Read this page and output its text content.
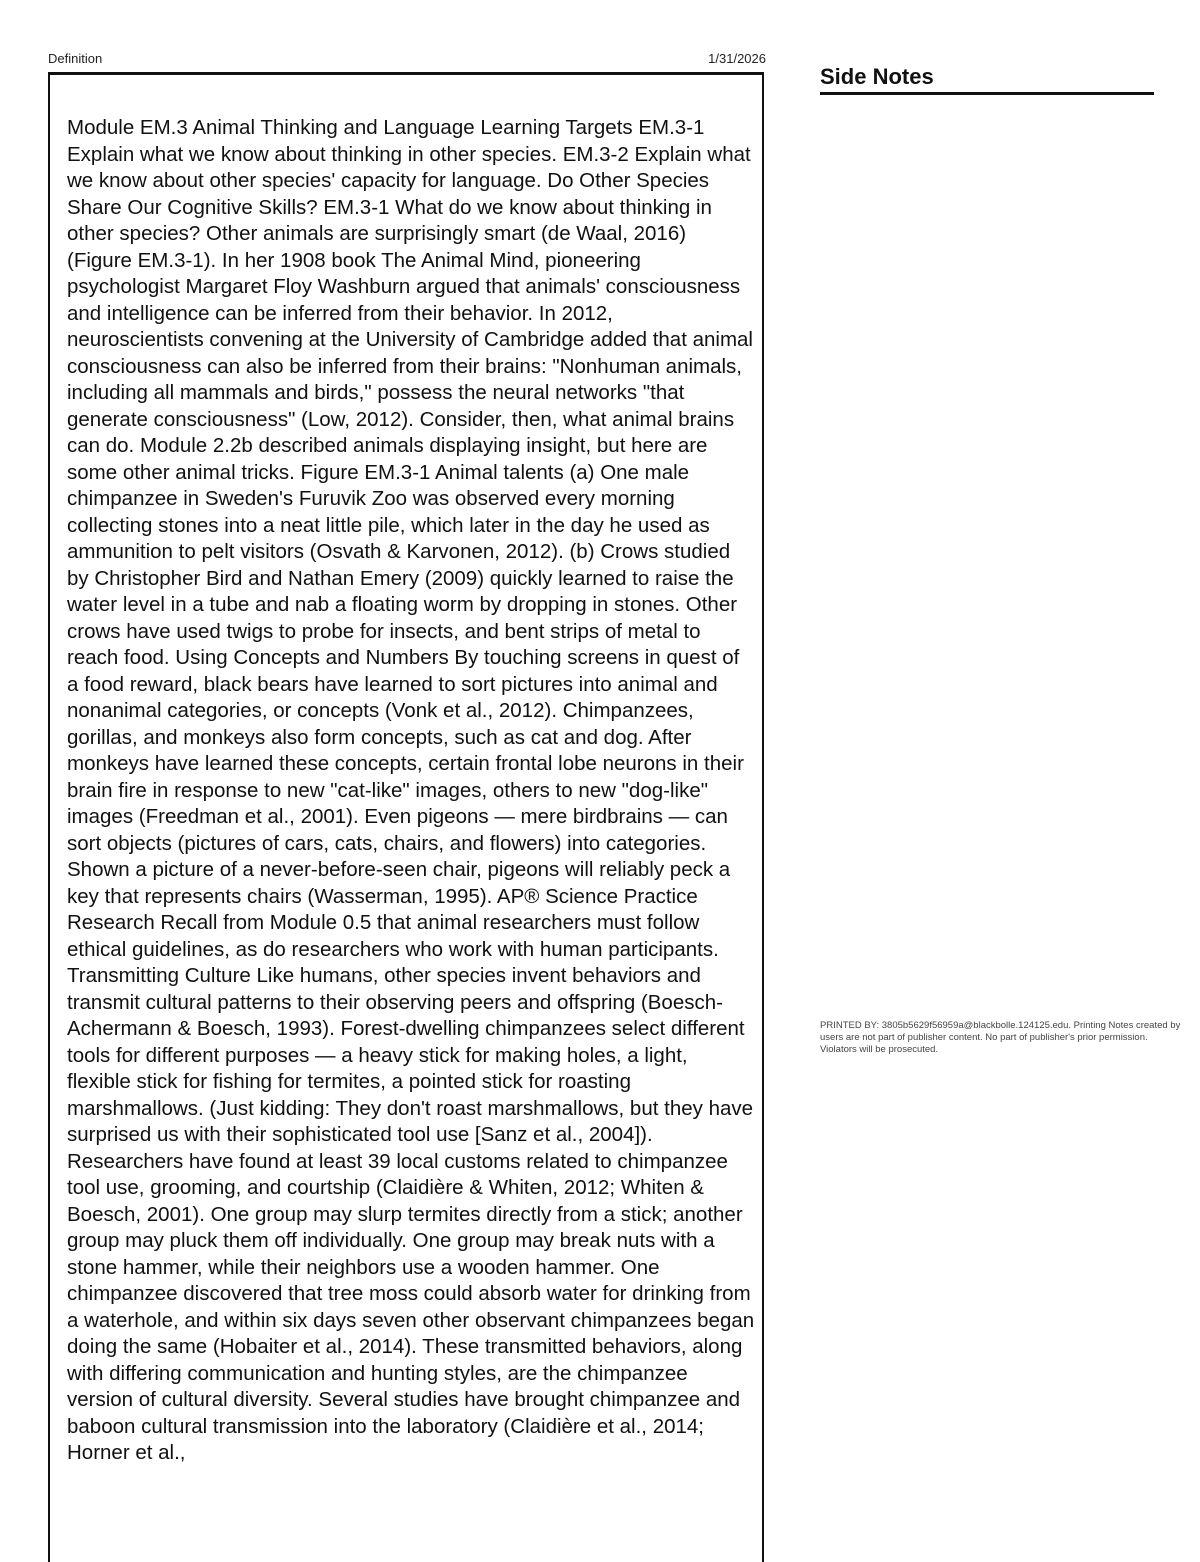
Definition	1/31/2026

Module EM.3 Animal Thinking and Language Learning Targets EM.3-1 Explain what we know about thinking in other species. EM.3-2 Explain what we know about other species' capacity for language. Do Other Species Share Our Cognitive Skills? EM.3-1 What do we know about thinking in other species? Other animals are surprisingly smart (de Waal, 2016) (Figure EM.3-1). In her 1908 book The Animal Mind, pioneering psychologist Margaret Floy Washburn argued that animals' consciousness and intelligence can be inferred from their behavior. In 2012, neuroscientists convening at the University of Cambridge added that animal consciousness can also be inferred from their brains: "Nonhuman animals, including all mammals and birds," possess the neural networks "that generate consciousness" (Low, 2012). Consider, then, what animal brains can do. Module 2.2b described animals displaying insight, but here are some other animal tricks. Figure EM.3-1 Animal talents (a) One male chimpanzee in Sweden's Furuvik Zoo was observed every morning collecting stones into a neat little pile, which later in the day he used as ammunition to pelt visitors (Osvath & Karvonen, 2012). (b) Crows studied by Christopher Bird and Nathan Emery (2009) quickly learned to raise the water level in a tube and nab a floating worm by dropping in stones. Other crows have used twigs to probe for insects, and bent strips of metal to reach food. Using Concepts and Numbers By touching screens in quest of a food reward, black bears have learned to sort pictures into animal and nonanimal categories, or concepts (Vonk et al., 2012). Chimpanzees, gorillas, and monkeys also form concepts, such as cat and dog. After monkeys have learned these concepts, certain frontal lobe neurons in their brain fire in response to new "cat-like" images, others to new "dog-like" images (Freedman et al., 2001). Even pigeons — mere birdbrains — can sort objects (pictures of cars, cats, chairs, and flowers) into categories. Shown a picture of a never-before-seen chair, pigeons will reliably peck a key that represents chairs (Wasserman, 1995). AP® Science Practice Research Recall from Module 0.5 that animal researchers must follow ethical guidelines, as do researchers who work with human participants. Transmitting Culture Like humans, other species invent behaviors and transmit cultural patterns to their observing peers and offspring (Boesch-Achermann & Boesch, 1993). Forest-dwelling chimpanzees select different tools for different purposes — a heavy stick for making holes, a light, flexible stick for fishing for termites, a pointed stick for roasting marshmallows. (Just kidding: They don't roast marshmallows, but they have surprised us with their sophisticated tool use [Sanz et al., 2004]). Researchers have found at least 39 local customs related to chimpanzee tool use, grooming, and courtship (Claidière & Whiten, 2012; Whiten & Boesch, 2001). One group may slurp termites directly from a stick; another group may pluck them off individually. One group may break nuts with a stone hammer, while their neighbors use a wooden hammer. One chimpanzee discovered that tree moss could absorb water for drinking from a waterhole, and within six days seven other observant chimpanzees began doing the same (Hobaiter et al., 2014). These transmitted behaviors, along with differing communication and hunting styles, are the chimpanzee version of cultural diversity. Several studies have brought chimpanzee and baboon cultural transmission into the laboratory (Claidière et al., 2014; Horner et al.,

Side Notes

PRINTED BY: 3805b5629f56959a@blackbolle.124125.edu. Printing Notes created by users are not part of publisher content. No part of publisher's prior permission. Violators will be prosecuted.
